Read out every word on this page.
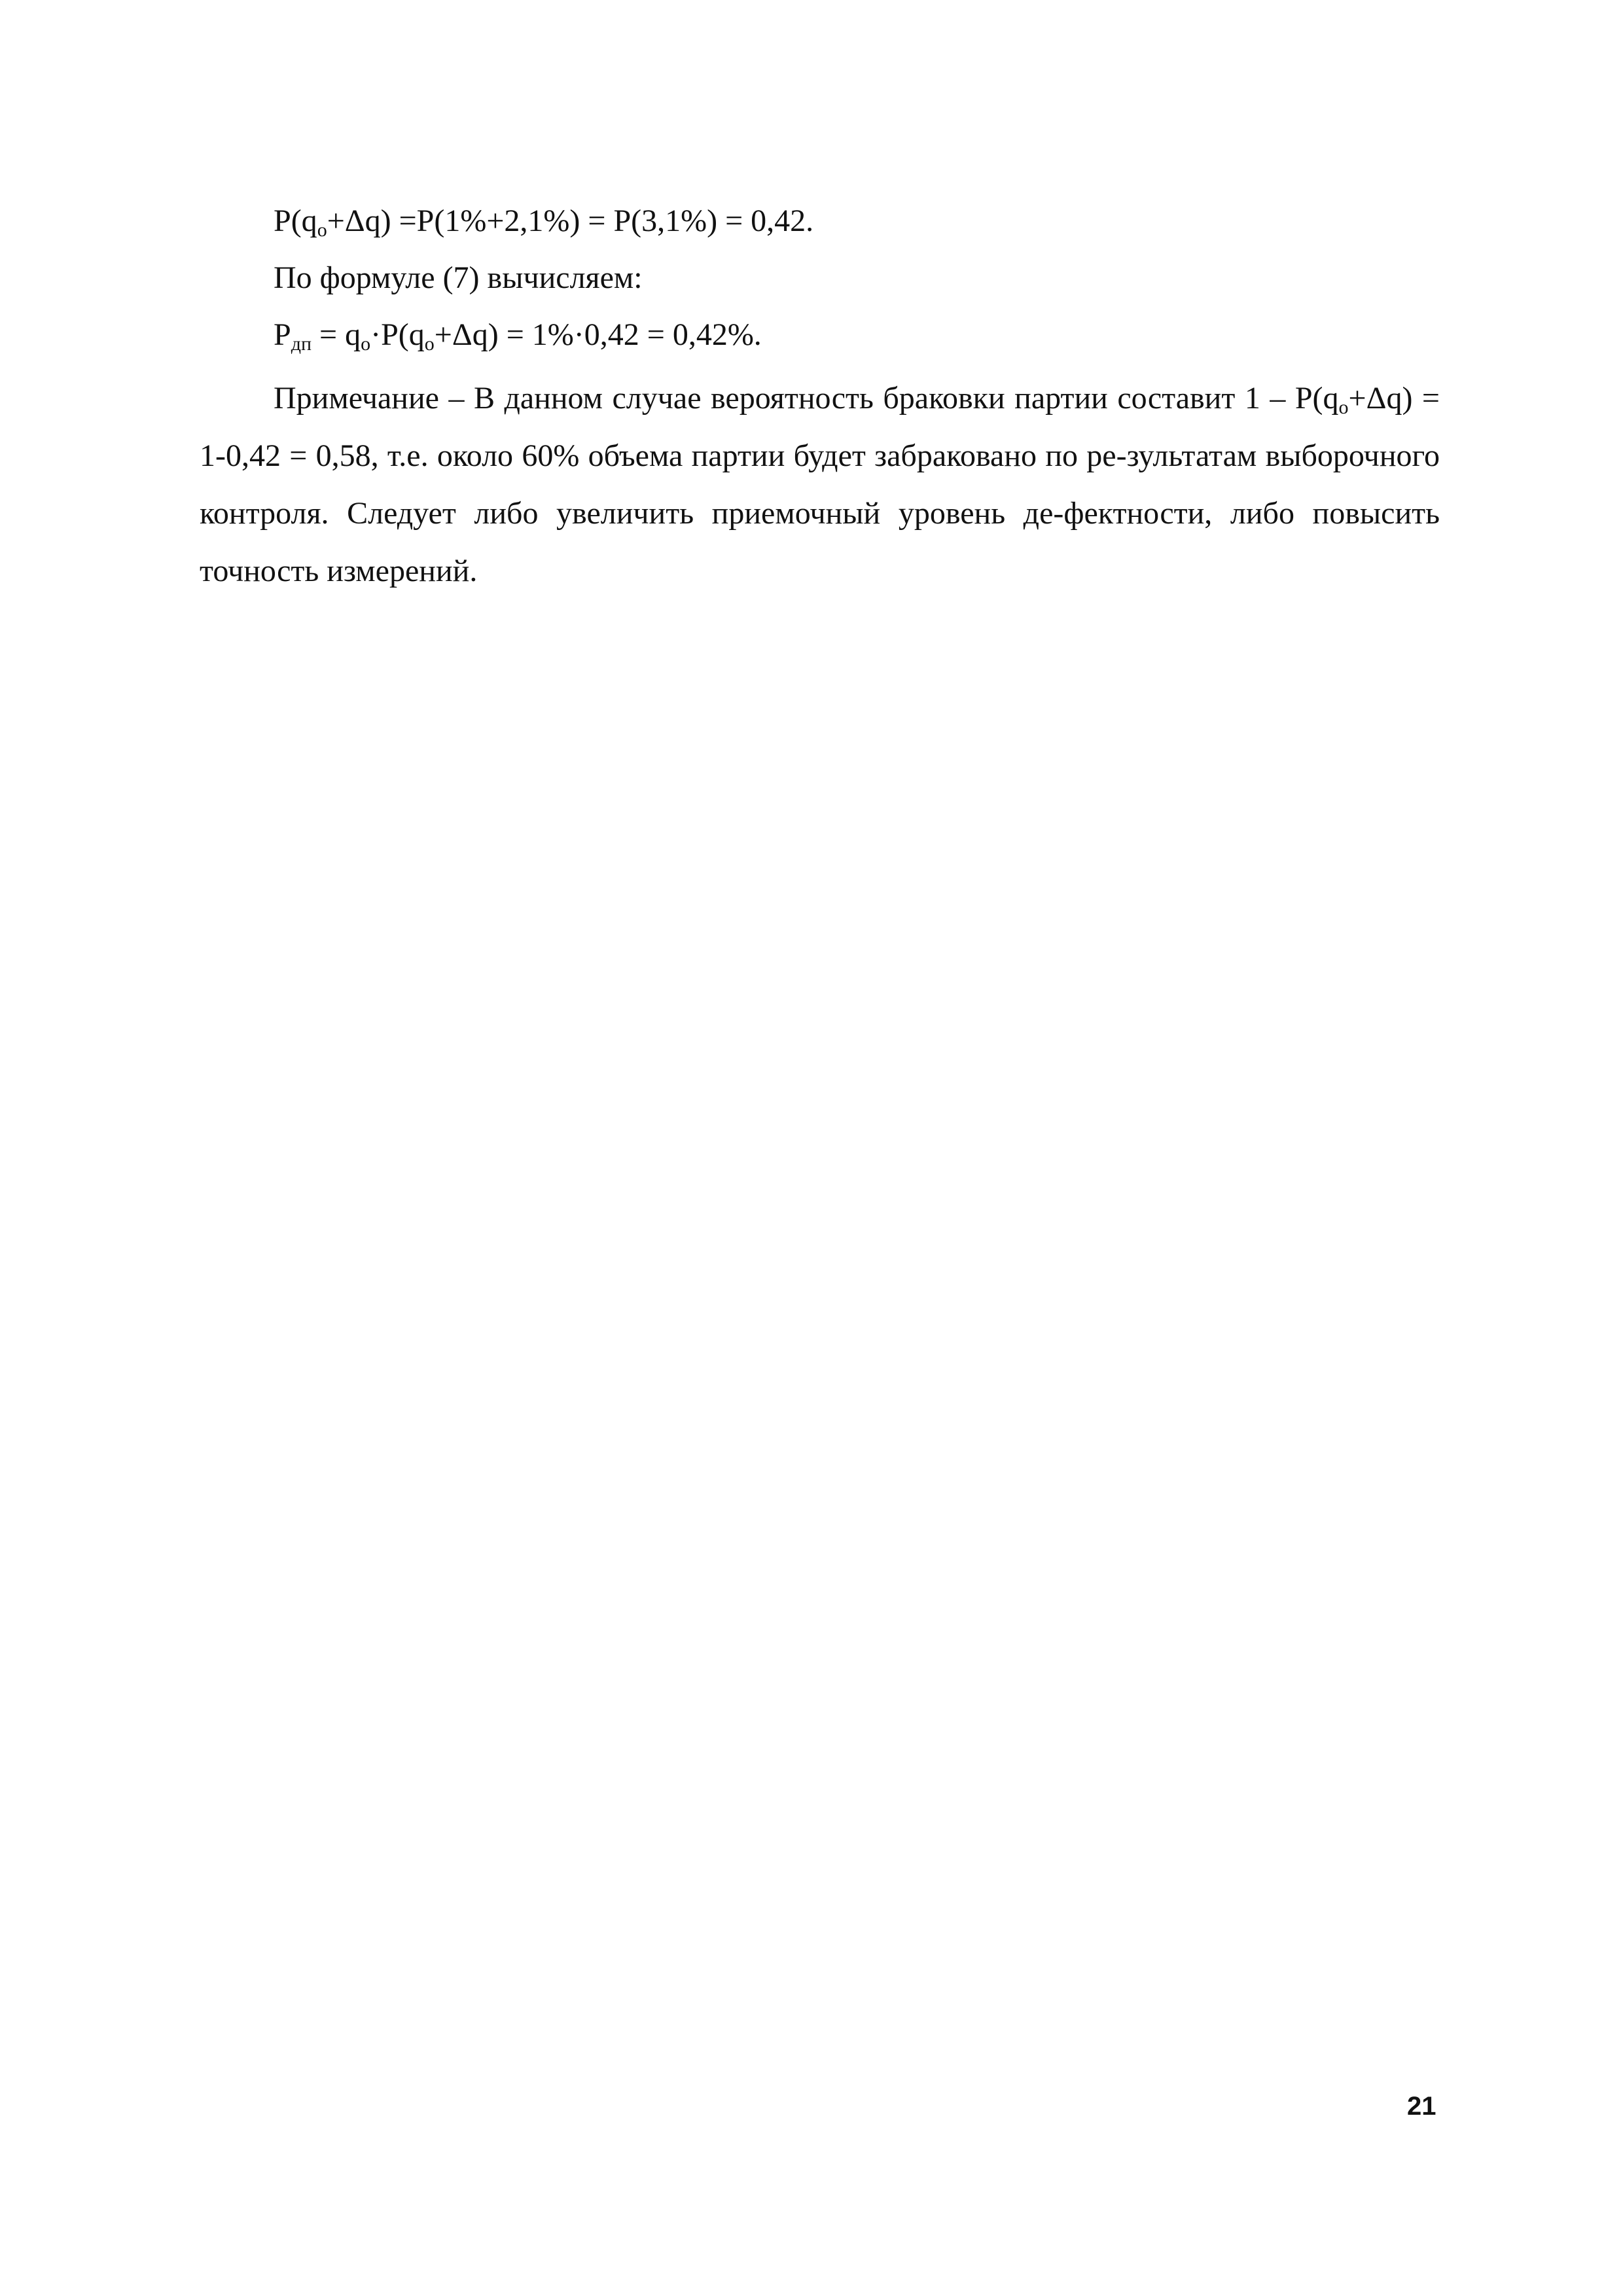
$P(q_o+\Delta q) =P(1\%+2,1\%) = P(3,1\%) = 0,42$.
По формуле (7) вычисляем:
$P_{дп} = q_o\cdot P(q_o+\Delta q) = 1\%\cdot 0,42 = 0,42\%$.

Примечание – В данном случае вероятность браковки партии составит $1 - P(q_o+\Delta q) = 1-0,42 = 0,58$, т.е. около 60% объема партии будет забраковано по ре-зультатам выборочного контроля. Следует либо увеличить приемочный уровень де-фектности, либо повысить точность измерений.

21
